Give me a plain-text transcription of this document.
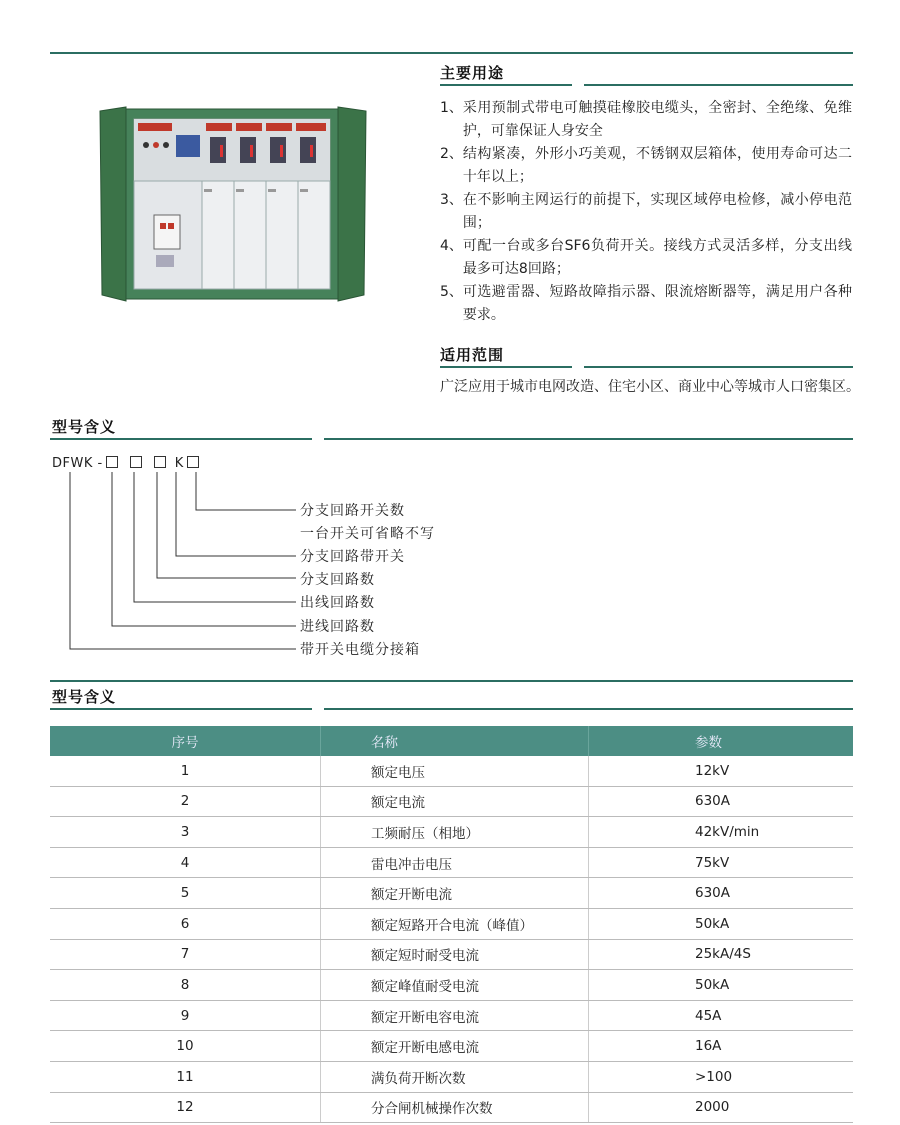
主要用途
1、 采用预制式带电可触摸硅橡胶电缆头，全密封、全绝缘、免维护，可靠保证人身安全
2、 结构紧凑，外形小巧美观，不锈钢双层箱体，使用寿命可达二十年以上；
3、 在不影响主网运行的前提下，实现区域停电检修，减小停电范围；
4、 可配一台或多台SF6负荷开关。接线方式灵活多样，分支出线最多可达8回路；
5、 可选避雷器、短路故障指示器、限流熔断器等，满足用户各种要求。
适用范围
广泛应用于城市电网改造、住宅小区、商业中心等城市人口密集区。
型号含义
DFWK -	K
分支回路开关数
一台开关可省略不写
分支回路带开关
分支回路数
出线回路数
进线回路数
带开关电缆分接箱
型号含义
序号	名称	参数
1	额定电压	12kV
2	额定电流	630A
3	工频耐压（相地）	42kV/min
4	雷电冲击电压	75kV
5	额定开断电流	630A
6	额定短路开合电流（峰值）	50kA
7	额定短时耐受电流	25kA/4S
8	额定峰值耐受电流	50kA
9	额定开断电容电流	45A
10	额定开断电感电流	16A
11	满负荷开断次数	>100
12	分合闸机械操作次数	2000
